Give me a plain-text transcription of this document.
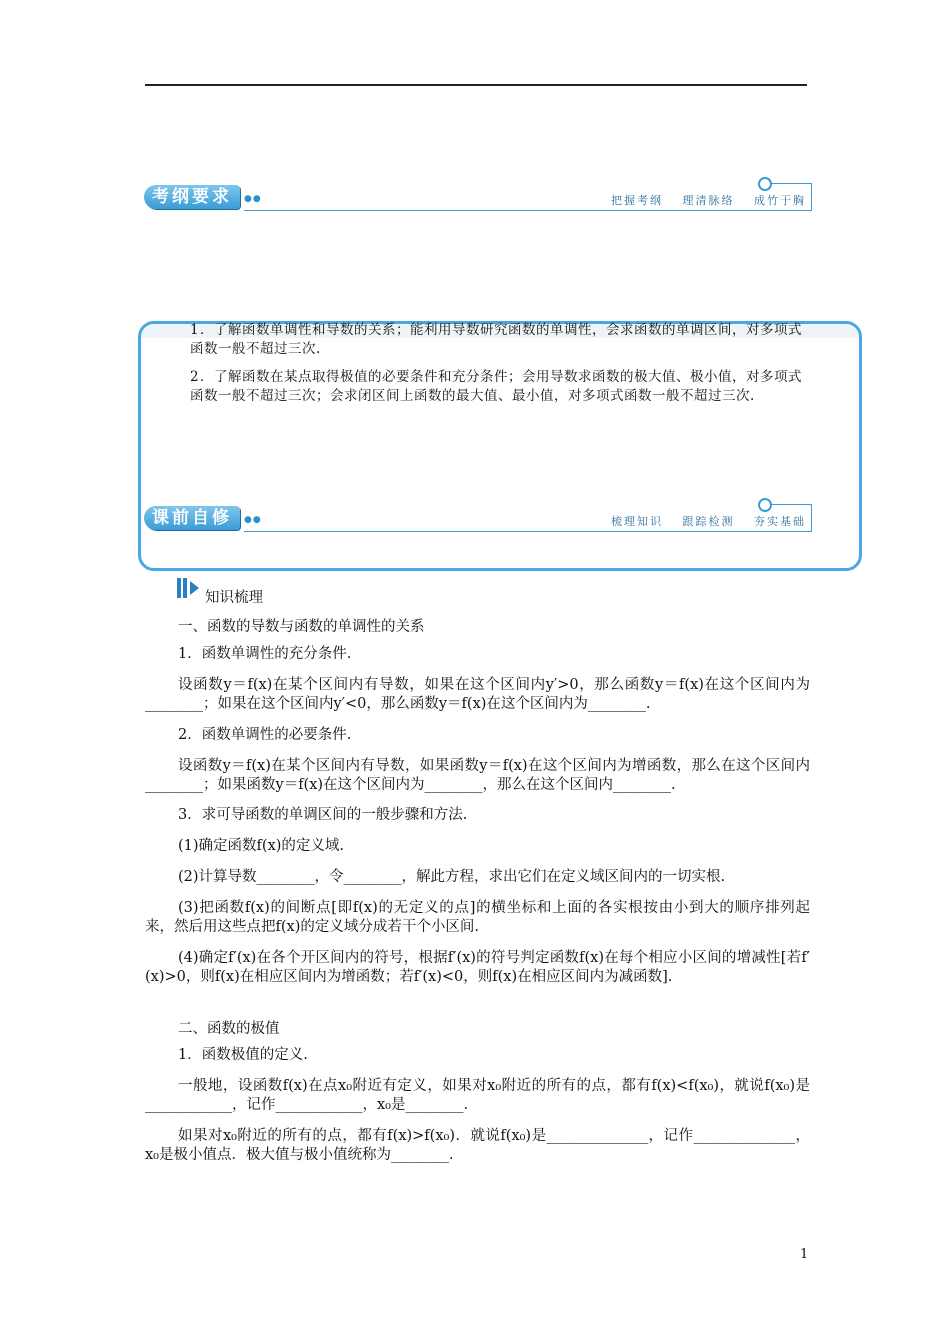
考纲要求	●●	把握考纲 理清脉络 成竹于胸
1．了解函数单调性和导数的关系；能利用导数研究函数的单调性，会求函数的单调区间，对多项式函数一般不超过三次.
2．了解函数在某点取得极值的必要条件和充分条件；会用导数求函数的极大值、极小值，对多项式函数一般不超过三次；会求闭区间上函数的最大值、最小值，对多项式函数一般不超过三次.
课前自修	●●	梳理知识 跟踪检测 夯实基础
知识梳理
一、函数的导数与函数的单调性的关系
1．函数单调性的充分条件.
设函数y＝f(x)在某个区间内有导数，如果在这个区间内y′>0，那么函数y＝f(x)在这个区间内为________；如果在这个区间内y′<0，那么函数y＝f(x)在这个区间内为________.
2．函数单调性的必要条件.
设函数y＝f(x)在某个区间内有导数，如果函数y＝f(x)在这个区间内为增函数，那么在这个区间内________；如果函数y＝f(x)在这个区间内为________，那么在这个区间内________.
3．求可导函数的单调区间的一般步骤和方法.
(1)确定函数f(x)的定义域.
(2)计算导数________，令________，解此方程，求出它们在定义域区间内的一切实根.
(3)把函数f(x)的间断点[即f(x)的无定义的点]的横坐标和上面的各实根按由小到大的顺序排列起来，然后用这些点把f(x)的定义域分成若干个小区间.
(4)确定f′(x)在各个开区间内的符号，根据f′(x)的符号判定函数f(x)在每个相应小区间的增减性[若f′(x)>0，则f(x)在相应区间内为增函数；若f′(x)<0，则f(x)在相应区间内为减函数].
二、函数的极值
1．函数极值的定义.
一般地，设函数f(x)在点x₀附近有定义，如果对x₀附近的所有的点，都有f(x)<f(x₀)，就说f(x₀)是____________，记作____________，x₀是________.
如果对x₀附近的所有的点，都有f(x)>f(x₀)．就说f(x₀)是______________，记作______________，x₀是极小值点．极大值与极小值统称为________.
1
